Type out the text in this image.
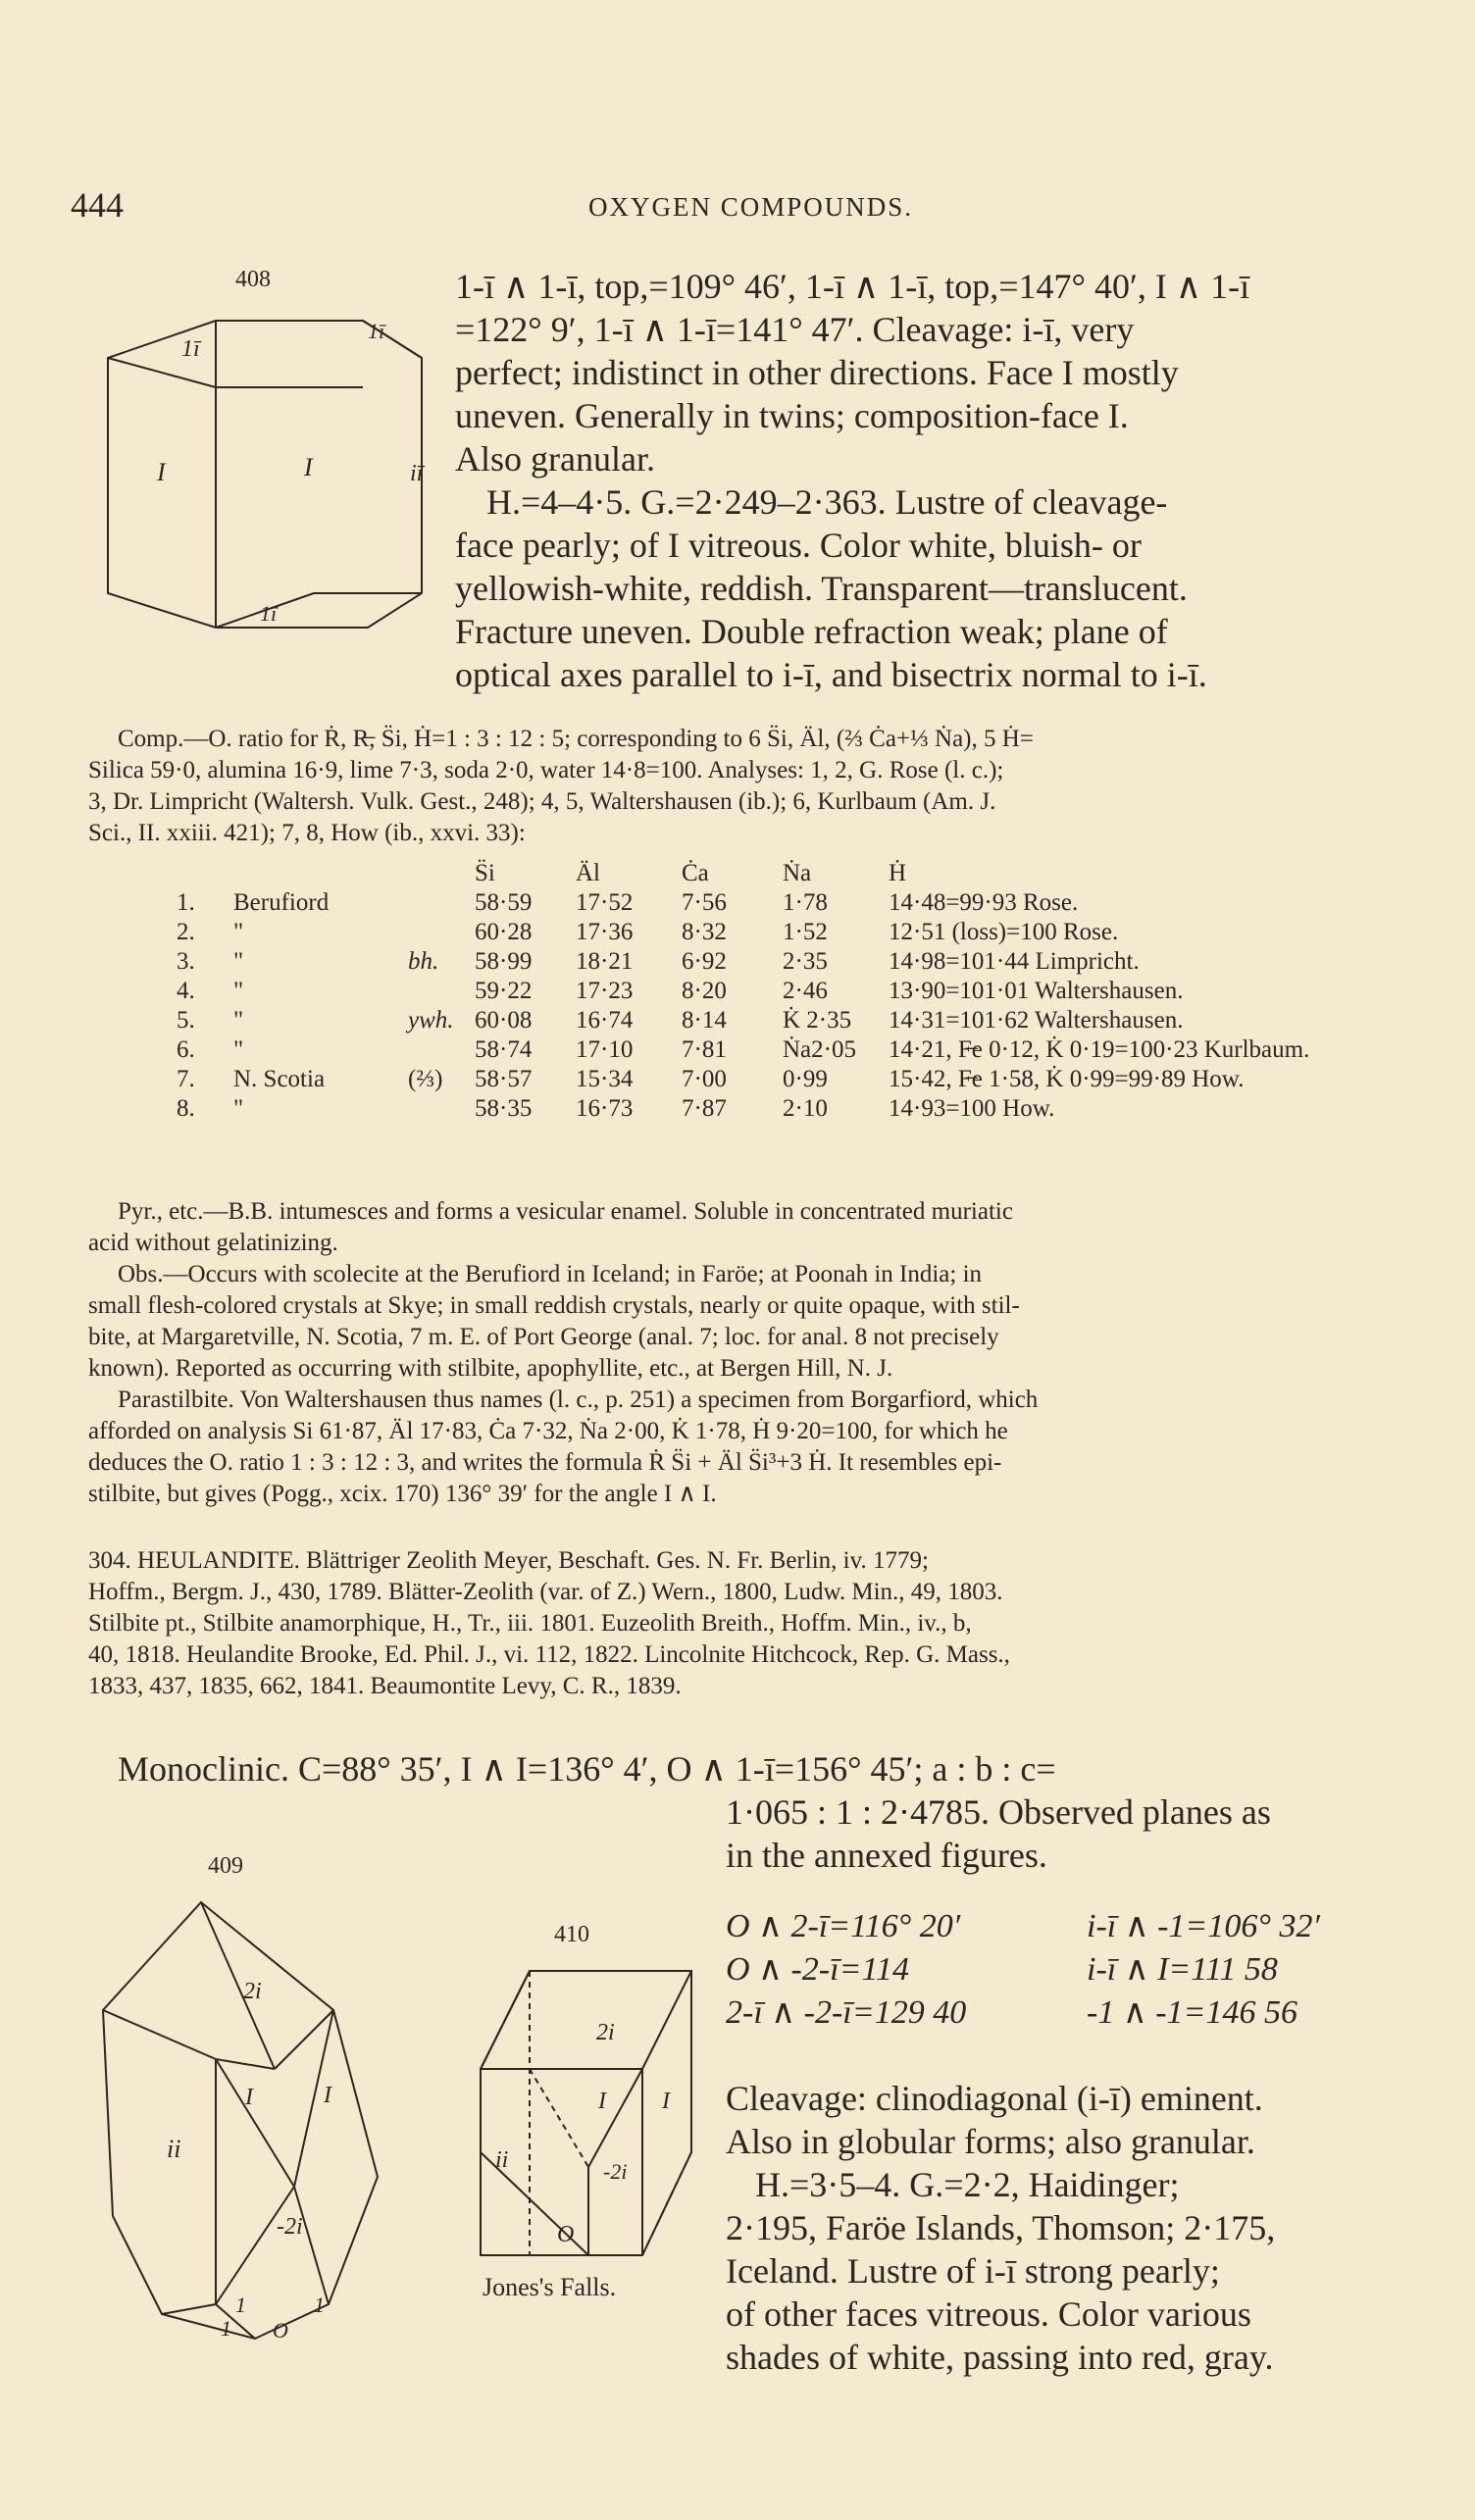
444	OXYGEN COMPOUNDS.
408
1ī
1ī
I	I	iī
1ī
1-ī ∧ 1-ī, top,=109° 46′, 1-ī ∧ 1-ī, top,=147° 40′, I ∧ 1-ī
=122° 9′, 1-ī ∧ 1-ī=141° 47′. Cleavage: i-ī, very
perfect; indistinct in other directions. Face I mostly
uneven. Generally in twins; composition-face I.
Also granular.
H.=4–4·5. G.=2·249–2·363. Lustre of cleavage-
face pearly; of I vitreous. Color white, bluish- or
yellowish-white, reddish. Transparent—translucent.
Fracture uneven. Double refraction weak; plane of
optical axes parallel to i-ī, and bisectrix normal to i-ī.
Comp.—O. ratio for Ṙ, R̶, S̈i, Ḣ=1 : 3 : 12 : 5; corresponding to 6 S̈i, Äl, (⅔ Ċa+⅓ Ṅa), 5 Ḣ=
Silica 59·0, alumina 16·9, lime 7·3, soda 2·0, water 14·8=100. Analyses: 1, 2, G. Rose (l. c.);
3, Dr. Limpricht (Waltersh. Vulk. Gest., 248); 4, 5, Waltershausen (ib.); 6, Kurlbaum (Am. J.
Sci., II. xxiii. 421); 7, 8, How (ib., xxvi. 33):
			S̈i	Äl	Ċa	Ṅa	Ḣ
1.	Berufiord		58·59	17·52	7·56	1·78	14·48=99·93 Rose.
2.	"		60·28	17·36	8·32	1·52	12·51 (loss)=100 Rose.
3.	"	bh.	58·99	18·21	6·92	2·35	14·98=101·44 Limpricht.
4.	"		59·22	17·23	8·20	2·46	13·90=101·01 Waltershausen.
5.	"	ywh.	60·08	16·74	8·14	K̇ 2·35	14·31=101·62 Waltershausen.
6.	"		58·74	17·10	7·81	Ṅa2·05	14·21, F̶e 0·12, K̇ 0·19=100·23 Kurlbaum.
7.	N. Scotia	(⅔)	58·57	15·34	7·00	0·99	15·42, F̶e 1·58, K̇ 0·99=99·89 How.
8.	"		58·35	16·73	7·87	2·10	14·93=100 How.
Pyr., etc.—B.B. intumesces and forms a vesicular enamel. Soluble in concentrated muriatic
acid without gelatinizing.
Obs.—Occurs with scolecite at the Berufiord in Iceland; in Faröe; at Poonah in India; in
small flesh-colored crystals at Skye; in small reddish crystals, nearly or quite opaque, with stil-
bite, at Margaretville, N. Scotia, 7 m. E. of Port George (anal. 7; loc. for anal. 8 not precisely
known). Reported as occurring with stilbite, apophyllite, etc., at Bergen Hill, N. J.
Parastilbite. Von Waltershausen thus names (l. c., p. 251) a specimen from Borgarfiord, which
afforded on analysis Si 61·87, Äl 17·83, Ċa 7·32, Ṅa 2·00, K̇ 1·78, Ḣ 9·20=100, for which he
deduces the O. ratio 1 : 3 : 12 : 3, and writes the formula Ṙ S̈i + Äl S̈i³+3 Ḣ. It resembles epi-
stilbite, but gives (Pogg., xcix. 170) 136° 39′ for the angle I ∧ I.
304. HEULANDITE. Blättriger Zeolith Meyer, Beschaft. Ges. N. Fr. Berlin, iv. 1779;
Hoffm., Bergm. J., 430, 1789. Blätter-Zeolith (var. of Z.) Wern., 1800, Ludw. Min., 49, 1803.
Stilbite pt., Stilbite anamorphique, H., Tr., iii. 1801. Euzeolith Breith., Hoffm. Min., iv., b,
40, 1818. Heulandite Brooke, Ed. Phil. J., vi. 112, 1822. Lincolnite Hitchcock, Rep. G. Mass.,
1833, 437, 1835, 662, 1841. Beaumontite Levy, C. R., 1839.
Monoclinic. C=88° 35′, I ∧ I=136° 4′, O ∧ 1-ī=156° 45′; a : b : c=
1·065 : 1 : 2·4785. Observed planes as
in the annexed figures.
O ∧ 2-ī=116° 20′	i-ī ∧ -1=106° 32′
O ∧ -2-ī=114	i-ī ∧ I=111 58
2-ī ∧ -2-ī=129 40	-1 ∧ -1=146 56
Cleavage: clinodiagonal (i-ī) eminent.
Also in globular forms; also granular.
H.=3·5–4. G.=2·2, Haidinger;
2·195, Faröe Islands, Thomson; 2·175,
Iceland. Lustre of i-ī strong pearly;
of other faces vitreous. Color various
shades of white, passing into red, gray.
409
2i
ii
I	I
-2i
1	1
1 O
410
2i
I I
ii	-2i
O
Jones's Falls.
